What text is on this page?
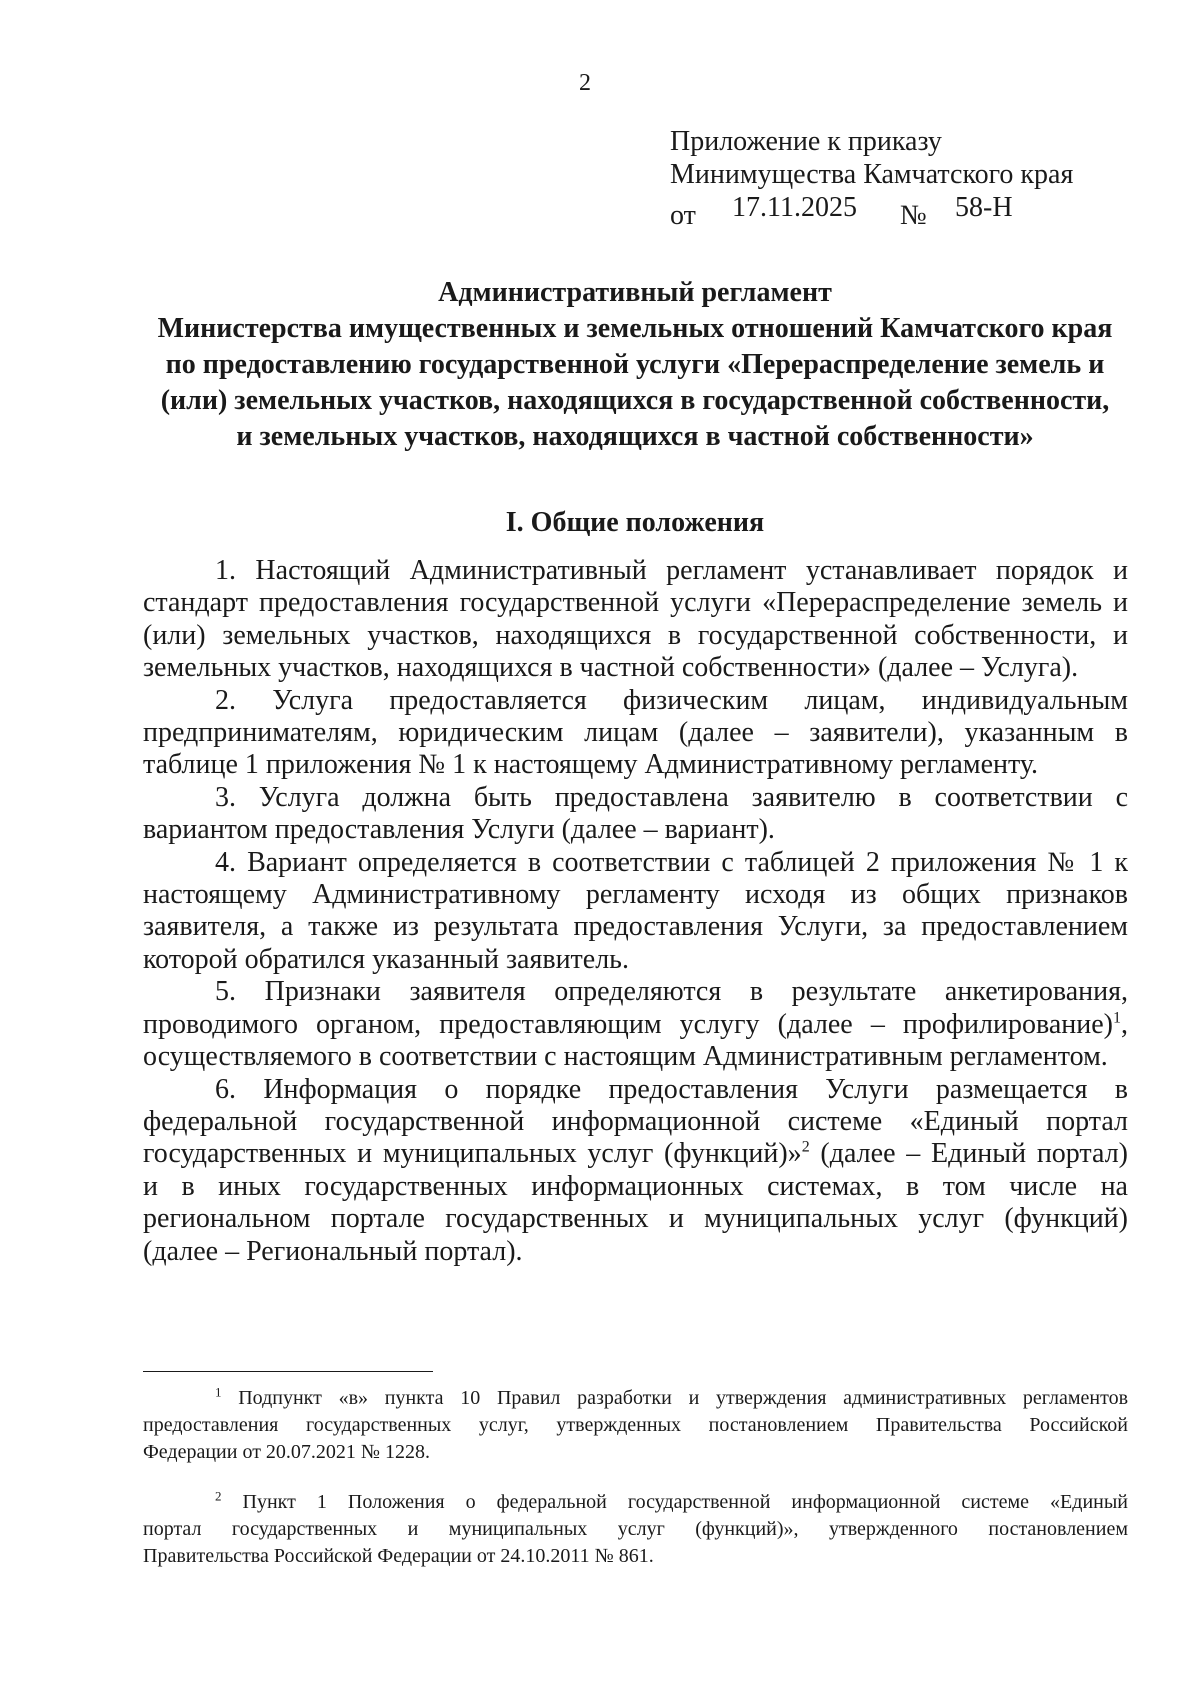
2
Приложение к приказу
Минимущества Камчатского края
от 17.11.2025 № 58-Н
Административный регламент
Министерства имущественных и земельных отношений Камчатского края
по предоставлению государственной услуги «Перераспределение земель и
(или) земельных участков, находящихся в государственной собственности,
и земельных участков, находящихся в частной собственности»
I. Общие положения
1. Настоящий Административный регламент устанавливает порядок и
стандарт предоставления государственной услуги «Перераспределение земель и
(или) земельных участков, находящихся в государственной собственности, и
земельных участков, находящихся в частной собственности» (далее – Услуга).
2. Услуга предоставляется физическим лицам, индивидуальным
предпринимателям, юридическим лицам (далее – заявители), указанным в
таблице 1 приложения № 1 к настоящему Административному регламенту.
3. Услуга должна быть предоставлена заявителю в соответствии с
вариантом предоставления Услуги (далее – вариант).
4. Вариант определяется в соответствии с таблицей 2 приложения № 1 к
настоящему Административному регламенту исходя из общих признаков
заявителя, а также из результата предоставления Услуги, за предоставлением
которой обратился указанный заявитель.
5. Признаки заявителя определяются в результате анкетирования,
проводимого органом, предоставляющим услугу (далее – профилирование)$^1$,
осуществляемого в соответствии с настоящим Административным регламентом.
6. Информация о порядке предоставления Услуги размещается в
федеральной государственной информационной системе «Единый портал
государственных и муниципальных услуг (функций)»$^2$ (далее – Единый портал)
и в иных государственных информационных системах, в том числе на
региональном портале государственных и муниципальных услуг (функций)
(далее – Региональный портал).
$^1$ Подпункт «в» пункта 10 Правил разработки и утверждения административных регламентов
предоставления государственных услуг, утвержденных постановлением Правительства Российской
Федерации от 20.07.2021 № 1228.
$^2$ Пункт 1 Положения о федеральной государственной информационной системе «Единый
портал государственных и муниципальных услуг (функций)», утвержденного постановлением
Правительства Российской Федерации от 24.10.2011 № 861.
